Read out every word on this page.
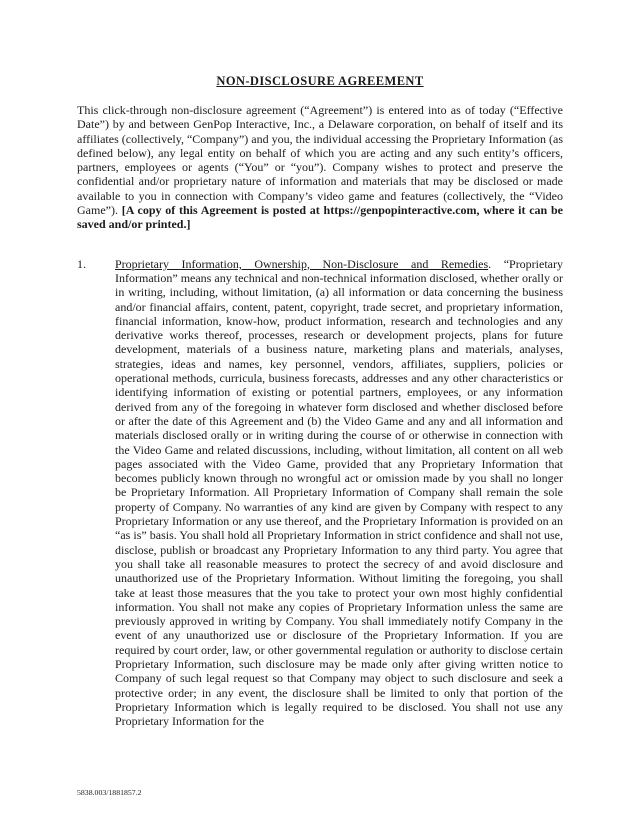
NON-DISCLOSURE AGREEMENT

This click-through non-disclosure agreement (“Agreement”) is entered into as of today (“Effective Date”) by and between GenPop Interactive, Inc., a Delaware corporation, on behalf of itself and its affiliates (collectively, “Company”) and you, the individual accessing the Proprietary Information (as defined below), any legal entity on behalf of which you are acting and any such entity’s officers, partners, employees or agents (“You” or “you”). Company wishes to protect and preserve the confidential and/or proprietary nature of information and materials that may be disclosed or made available to you in connection with Company’s video game and features (collectively, the “Video Game”). [A copy of this Agreement is posted at https://genpopinteractive.com, where it can be saved and/or printed.]

1. Proprietary Information, Ownership, Non-Disclosure and Remedies. “Proprietary Information” means any technical and non-technical information disclosed, whether orally or in writing, including, without limitation, (a) all information or data concerning the business and/or financial affairs, content, patent, copyright, trade secret, and proprietary information, financial information, know-how, product information, research and technologies and any derivative works thereof, processes, research or development projects, plans for future development, materials of a business nature, marketing plans and materials, analyses, strategies, ideas and names, key personnel, vendors, affiliates, suppliers, policies or operational methods, curricula, business forecasts, addresses and any other characteristics or identifying information of existing or potential partners, employees, or any information derived from any of the foregoing in whatever form disclosed and whether disclosed before or after the date of this Agreement and (b) the Video Game and any and all information and materials disclosed orally or in writing during the course of or otherwise in connection with the Video Game and related discussions, including, without limitation, all content on all web pages associated with the Video Game, provided that any Proprietary Information that becomes publicly known through no wrongful act or omission made by you shall no longer be Proprietary Information. All Proprietary Information of Company shall remain the sole property of Company. No warranties of any kind are given by Company with respect to any Proprietary Information or any use thereof, and the Proprietary Information is provided on an “as is” basis. You shall hold all Proprietary Information in strict confidence and shall not use, disclose, publish or broadcast any Proprietary Information to any third party. You agree that you shall take all reasonable measures to protect the secrecy of and avoid disclosure and unauthorized use of the Proprietary Information. Without limiting the foregoing, you shall take at least those measures that the you take to protect your own most highly confidential information. You shall not make any copies of Proprietary Information unless the same are previously approved in writing by Company. You shall immediately notify Company in the event of any unauthorized use or disclosure of the Proprietary Information. If you are required by court order, law, or other governmental regulation or authority to disclose certain Proprietary Information, such disclosure may be made only after giving written notice to Company of such legal request so that Company may object to such disclosure and seek a protective order; in any event, the disclosure shall be limited to only that portion of the Proprietary Information which is legally required to be disclosed. You shall not use any Proprietary Information for the

5838.003/1881857.2
